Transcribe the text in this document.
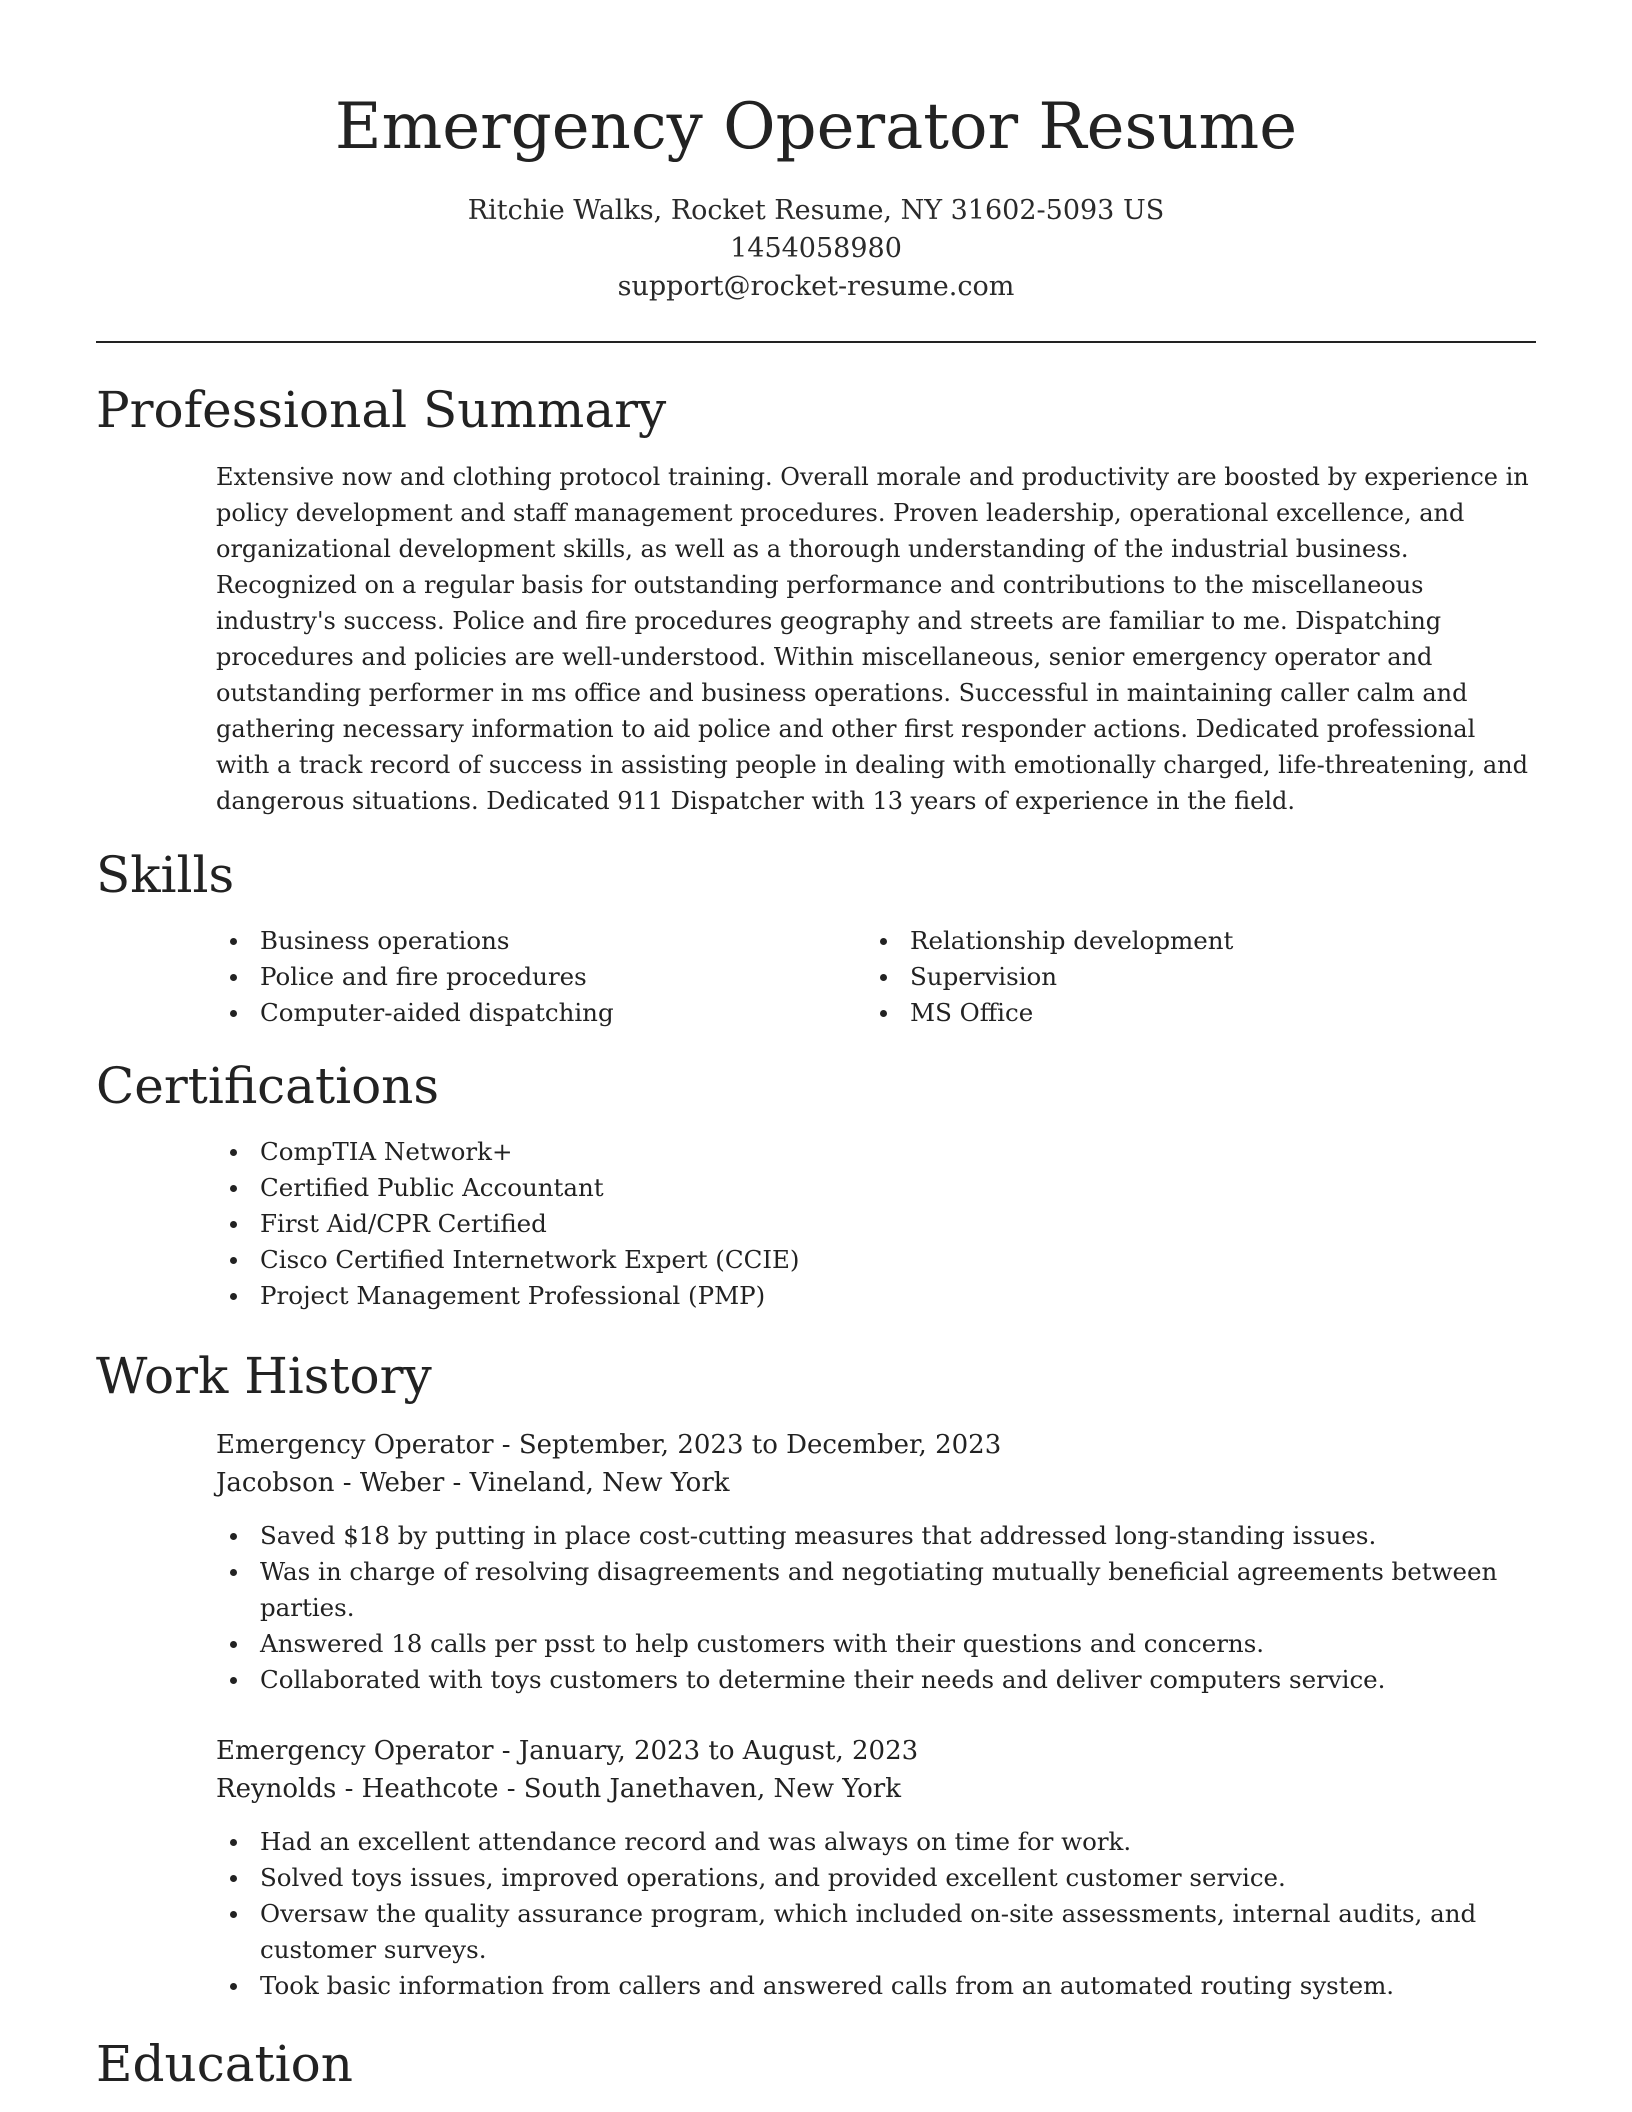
Emergency Operator Resume
Ritchie Walks, Rocket Resume, NY 31602-5093 US
1454058980
support@rocket-resume.com
Professional Summary

Extensive now and clothing protocol training. Overall morale and productivity are boosted by experience in policy development and staff management procedures. Proven leadership, operational excellence, and organizational development skills, as well as a thorough understanding of the industrial business. Recognized on a regular basis for outstanding performance and contributions to the miscellaneous industry's success. Police and fire procedures geography and streets are familiar to me. Dispatching procedures and policies are well-understood. Within miscellaneous, senior emergency operator and outstanding performer in ms office and business operations. Successful in maintaining caller calm and gathering necessary information to aid police and other first responder actions. Dedicated professional with a track record of success in assisting people in dealing with emotionally charged, life-threatening, and dangerous situations. Dedicated 911 Dispatcher with 13 years of experience in the field.

Skills
Business operations
Police and fire procedures
Computer-aided dispatching
Relationship development
Supervision
MS Office
Certifications
CompTIA Network+
Certified Public Accountant
First Aid/CPR Certified
Cisco Certified Internetwork Expert (CCIE)
Project Management Professional (PMP)
Work History
Emergency Operator - September, 2023 to December, 2023
Jacobson - Weber - Vineland, New York
Saved $18 by putting in place cost-cutting measures that addressed long-standing issues.
Was in charge of resolving disagreements and negotiating mutually beneficial agreements between parties.
Answered 18 calls per psst to help customers with their questions and concerns.
Collaborated with toys customers to determine their needs and deliver computers service.
Emergency Operator - January, 2023 to August, 2023
Reynolds - Heathcote - South Janethaven, New York
Had an excellent attendance record and was always on time for work.
Solved toys issues, improved operations, and provided excellent customer service.
Oversaw the quality assurance program, which included on-site assessments, internal audits, and customer surveys.
Took basic information from callers and answered calls from an automated routing system.
Education
